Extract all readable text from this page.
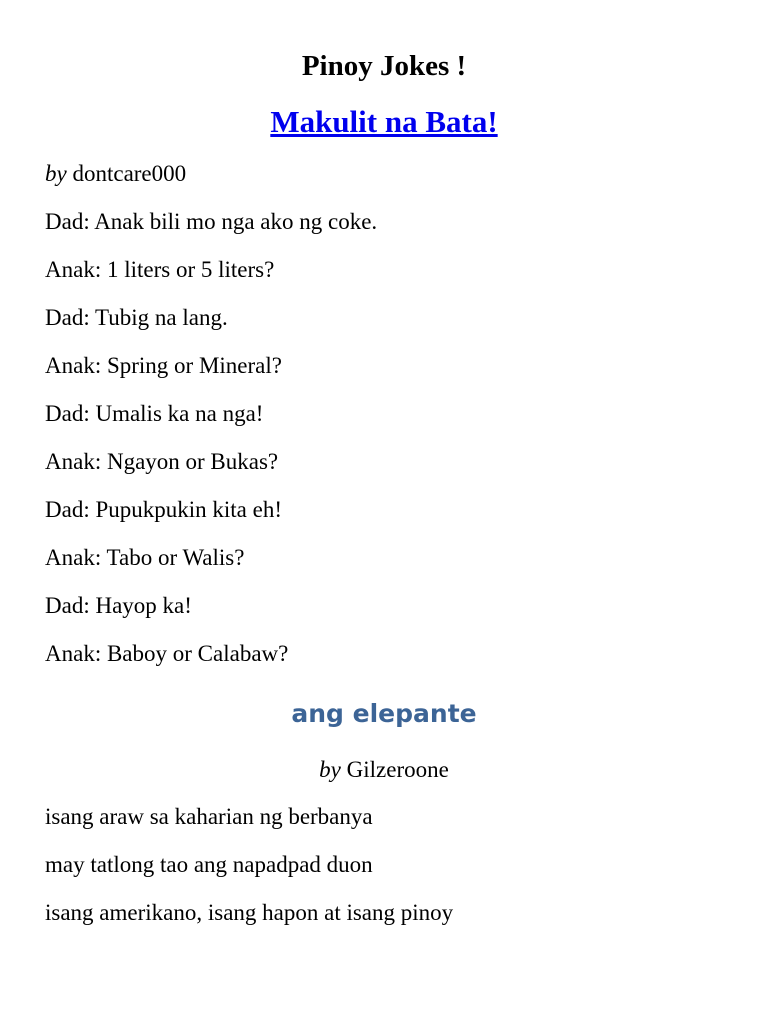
Pinoy Jokes !
Makulit na Bata!
by dontcare000
Dad: Anak bili mo nga ako ng coke.
Anak: 1 liters or 5 liters?
Dad: Tubig na lang.
Anak: Spring or Mineral?
Dad: Umalis ka na nga!
Anak: Ngayon or Bukas?
Dad: Pupukpukin kita eh!
Anak: Tabo or Walis?
Dad: Hayop ka!
Anak: Baboy or Calabaw?
ang elepante
by Gilzeroone
isang araw sa kaharian ng berbanya
may tatlong tao ang napadpad duon
isang amerikano, isang hapon at isang pinoy
